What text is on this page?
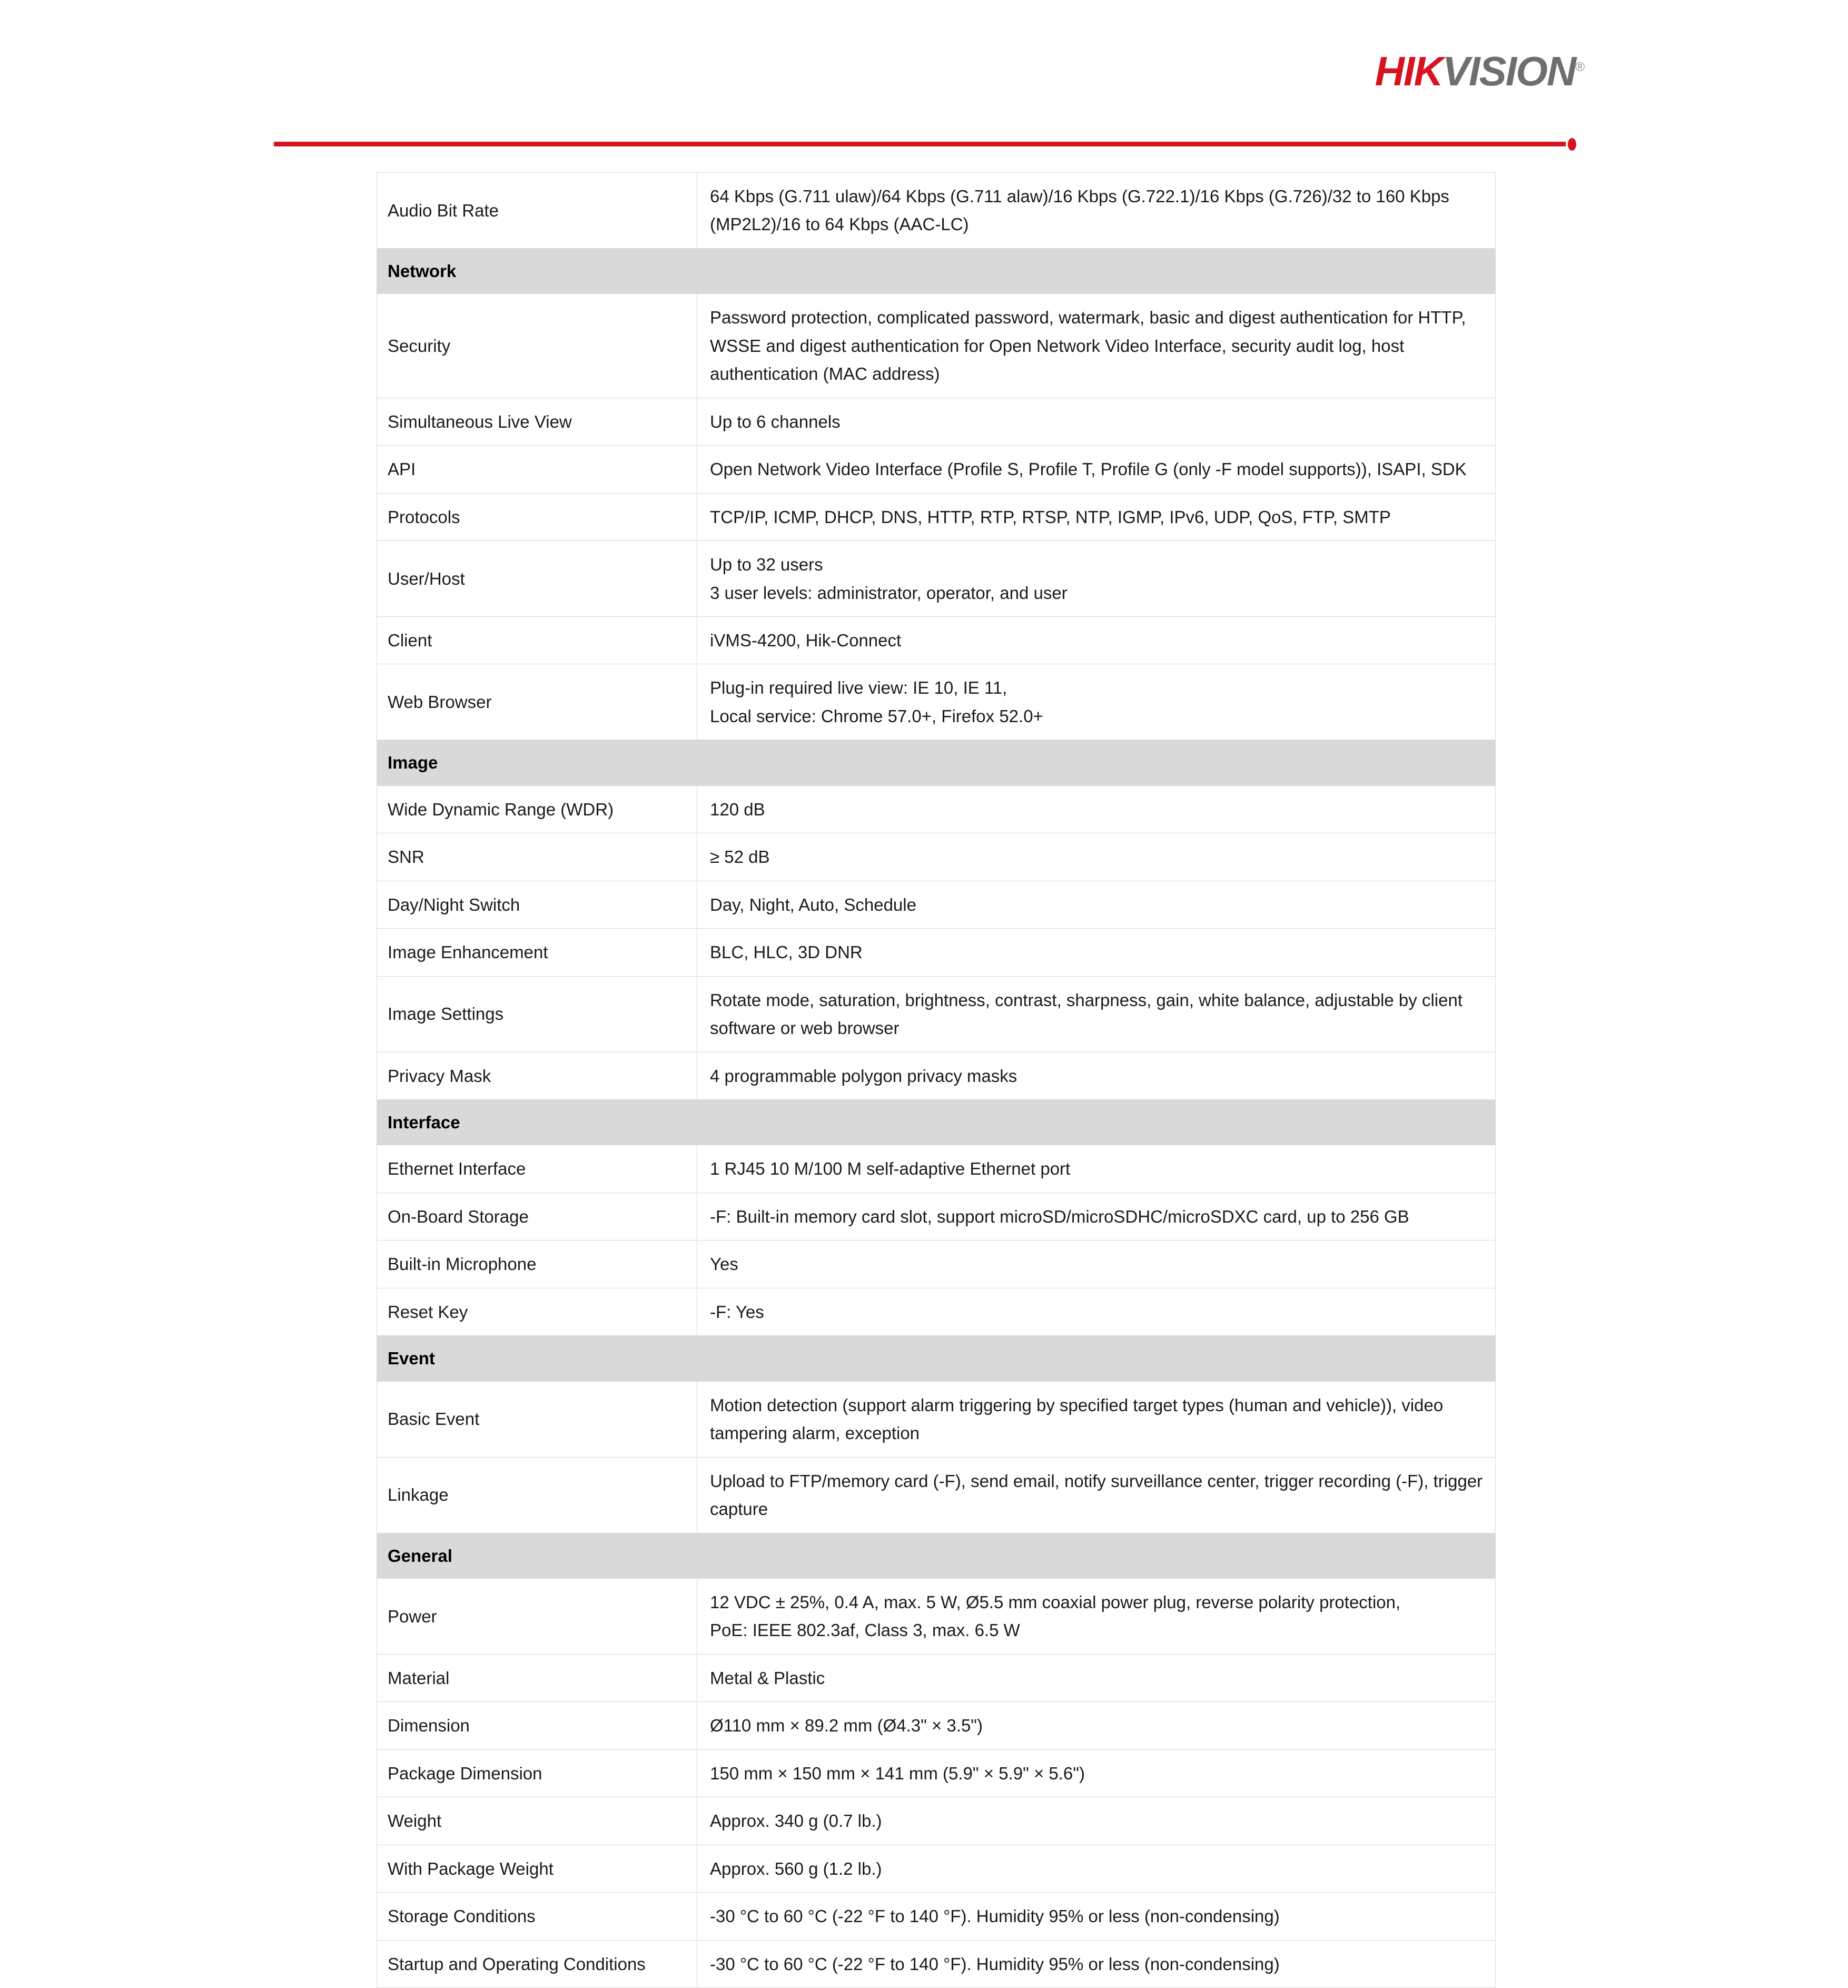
HIKVISION®
Audio Bit Rate	64 Kbps (G.711 ulaw)/64 Kbps (G.711 alaw)/16 Kbps (G.722.1)/16 Kbps (G.726)/32 to 160 Kbps (MP2L2)/16 to 64 Kbps (AAC-LC)
Network	
Security	Password protection, complicated password, watermark, basic and digest authentication for HTTP, WSSE and digest authentication for Open Network Video Interface, security audit log, host authentication (MAC address)
Simultaneous Live View	Up to 6 channels
API	Open Network Video Interface (Profile S, Profile T, Profile G (only -F model supports)), ISAPI, SDK
Protocols	TCP/IP, ICMP, DHCP, DNS, HTTP, RTP, RTSP, NTP, IGMP, IPv6, UDP, QoS, FTP, SMTP
User/Host	Up to 32 users
3 user levels: administrator, operator, and user
Client	iVMS-4200, Hik-Connect
Web Browser	Plug-in required live view: IE 10, IE 11,
Local service: Chrome 57.0+, Firefox 52.0+
Image	
Wide Dynamic Range (WDR)	120 dB
SNR	≥ 52 dB
Day/Night Switch	Day, Night, Auto, Schedule
Image Enhancement	BLC, HLC, 3D DNR
Image Settings	Rotate mode, saturation, brightness, contrast, sharpness, gain, white balance, adjustable by client software or web browser
Privacy Mask	4 programmable polygon privacy masks
Interface	
Ethernet Interface	1 RJ45 10 M/100 M self-adaptive Ethernet port
On-Board Storage	-F: Built-in memory card slot, support microSD/microSDHC/microSDXC card, up to 256 GB
Built-in Microphone	Yes
Reset Key	-F: Yes
Event	
Basic Event	Motion detection (support alarm triggering by specified target types (human and vehicle)), video tampering alarm, exception
Linkage	Upload to FTP/memory card (-F), send email, notify surveillance center, trigger recording (-F), trigger capture
General	
Power	12 VDC ± 25%, 0.4 A, max. 5 W, Ø5.5 mm coaxial power plug, reverse polarity protection,
PoE: IEEE 802.3af, Class 3, max. 6.5 W
Material	Metal & Plastic
Dimension	Ø110 mm × 89.2 mm (Ø4.3" × 3.5")
Package Dimension	150 mm × 150 mm × 141 mm (5.9" × 5.9" × 5.6")
Weight	Approx. 340 g (0.7 lb.)
With Package Weight	Approx. 560 g (1.2 lb.)
Storage Conditions	-30 °C to 60 °C (-22 °F to 140 °F). Humidity 95% or less (non-condensing)
Startup and Operating Conditions	-30 °C to 60 °C (-22 °F to 140 °F). Humidity 95% or less (non-condensing)
